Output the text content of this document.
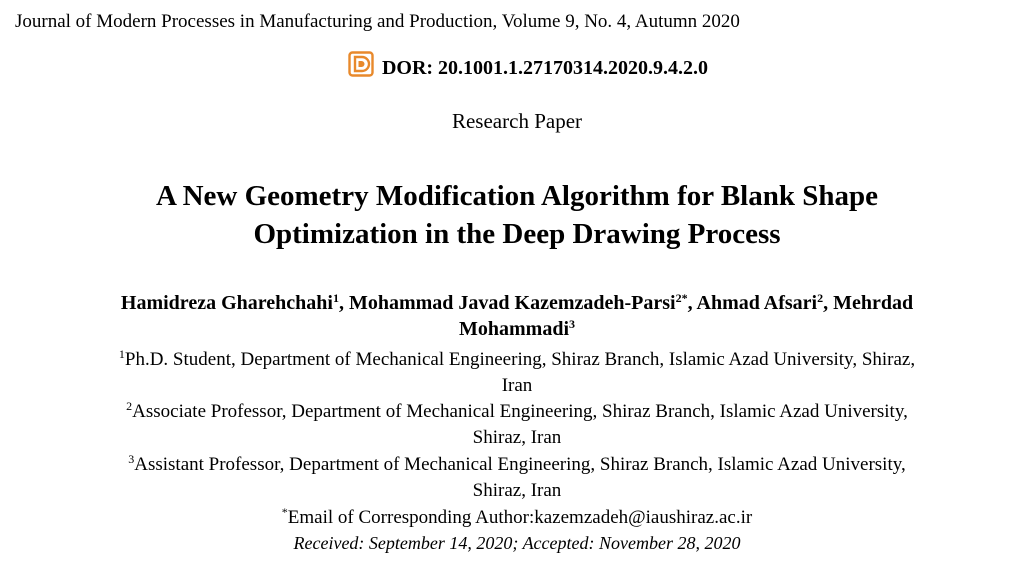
Journal of Modern Processes in Manufacturing and Production, Volume 9, No. 4, Autumn 2020
DOR: 20.1001.1.27170314.2020.9.4.2.0
Research Paper
A New Geometry Modification Algorithm for Blank Shape
Optimization in the Deep Drawing Process
Hamidreza Gharehchahi$^1$, Mohammad Javad Kazemzadeh-Parsi$^{2*}$, Ahmad Afsari$^2$, Mehrdad
Mohammadi$^3$
$^1$Ph.D. Student, Department of Mechanical Engineering, Shiraz Branch, Islamic Azad University, Shiraz,
Iran
$^2$Associate Professor, Department of Mechanical Engineering, Shiraz Branch, Islamic Azad University,
Shiraz, Iran
$^3$Assistant Professor, Department of Mechanical Engineering, Shiraz Branch, Islamic Azad University,
Shiraz, Iran
*Email of Corresponding Author:kazemzadeh@iaushiraz.ac.ir
Received: September 14, 2020; Accepted: November 28, 2020
